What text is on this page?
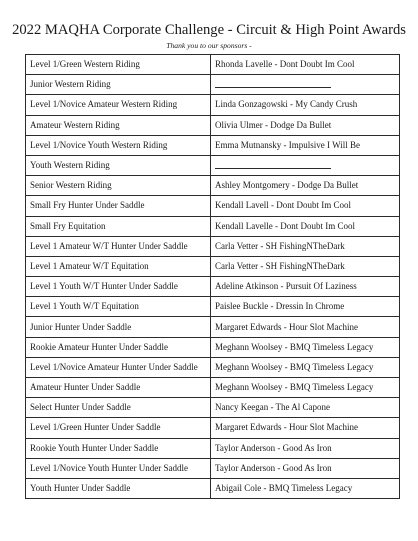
2022 MAQHA Corporate Challenge - Circuit & High Point Awards
Thank you to our sponsors -
Level 1/Green Western Riding	Rhonda Lavelle - Dont Doubt Im Cool
Junior Western Riding	
Level 1/Novice Amateur Western Riding	Linda Gonzagowski - My Candy Crush
Amateur Western Riding	Olivia Ulmer - Dodge Da Bullet
Level 1/Novice Youth Western Riding	Emma Mutnansky - Impulsive I Will Be
Youth Western Riding	
Senior Western Riding	Ashley Montgomery - Dodge Da Bullet
Small Fry Hunter Under Saddle	Kendall Lavell - Dont Doubt Im Cool
Small Fry Equitation	Kendall Lavelle - Dont Doubt Im Cool
Level 1 Amateur W/T Hunter Under Saddle	Carla Vetter - SH FishingNTheDark
Level 1 Amateur W/T Equitation	Carla Vetter - SH FishingNTheDark
Level 1 Youth W/T Hunter Under Saddle	Adeline Atkinson - Pursuit Of Laziness
Level 1 Youth W/T Equitation	Paislee Buckle - Dressin In Chrome
Junior Hunter Under Saddle	Margaret Edwards - Hour Slot Machine
Rookie Amateur Hunter Under Saddle	Meghann Woolsey - BMQ Timeless Legacy
Level 1/Novice Amateur Hunter Under Saddle	Meghann Woolsey - BMQ Timeless Legacy
Amateur Hunter Under Saddle	Meghann Woolsey - BMQ Timeless Legacy
Select Hunter Under Saddle	Nancy Keegan - The Al Capone
Level 1/Green Hunter Under Saddle	Margaret Edwards - Hour Slot Machine
Rookie Youth Hunter Under Saddle	Taylor Anderson - Good As Iron
Level 1/Novice Youth Hunter Under Saddle	Taylor Anderson - Good As Iron
Youth Hunter Under Saddle	Abigail Cole - BMQ Timeless Legacy
